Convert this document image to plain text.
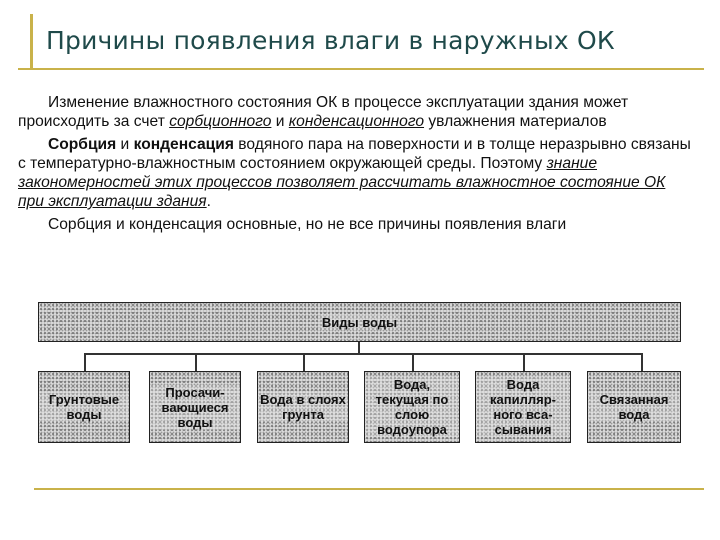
Причины появления влаги в наружных ОК

Изменение влажностного состояния ОК в процессе эксплуатации здания может происходить за счет сорбционного и конденсационного увлажнения материалов

Сорбция и конденсация водяного пара на поверхности и в толще неразрывно связаны с температурно-влажностным состоянием окружающей среды. Поэтому знание закономерностей этих процессов позволяет рассчитать влажностное состояние ОК при эксплуатации здания.

Сорбция и конденсация основные, но не все причины появления влаги

Виды воды
Грунтовые воды
Просачи- вающиеся воды
Вода в слоях грунта
Вода, текущая по слою водоупора
Вода капилляр- ного вса- сывания
Связанная вода
